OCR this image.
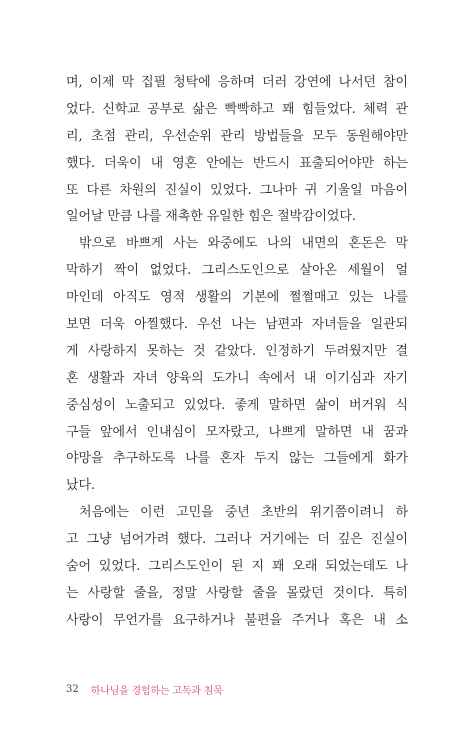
며, 이제 막 집필 청탁에 응하며 더러 강연에 나서던 참이
었다. 신학교 공부로 삶은 빡빡하고 꽤 힘들었다. 체력 관
리, 초점 관리, 우선순위 관리 방법들을 모두 동원해야만
했다. 더욱이 내 영혼 안에는 반드시 표출되어야만 하는
또 다른 차원의 진실이 있었다. 그나마 귀 기울일 마음이
일어날 만큼 나를 재촉한 유일한 힘은 절박감이었다.
밖으로 바쁘게 사는 와중에도 나의 내면의 혼돈은 막
막하기 짝이 없었다. 그리스도인으로 살아온 세월이 얼
마인데 아직도 영적 생활의 기본에 쩔쩔매고 있는 나를
보면 더욱 아찔했다. 우선 나는 남편과 자녀들을 일관되
게 사랑하지 못하는 것 같았다. 인정하기 두려웠지만 결
혼 생활과 자녀 양육의 도가니 속에서 내 이기심과 자기
중심성이 노출되고 있었다. 좋게 말하면 삶이 버거워 식
구들 앞에서 인내심이 모자랐고, 나쁘게 말하면 내 꿈과
야망을 추구하도록 나를 혼자 두지 않는 그들에게 화가
났다.
처음에는 이런 고민을 중년 초반의 위기쯤이려니 하
고 그냥 넘어가려 했다. 그러나 거기에는 더 깊은 진실이
숨어 있었다. 그리스도인이 된 지 꽤 오래 되었는데도 나
는 사랑할 줄을, 정말 사랑할 줄을 몰랐던 것이다. 특히
사랑이 무언가를 요구하거나 불편을 주거나 혹은 내 소
32 하나님을 경험하는 고독과 침묵
